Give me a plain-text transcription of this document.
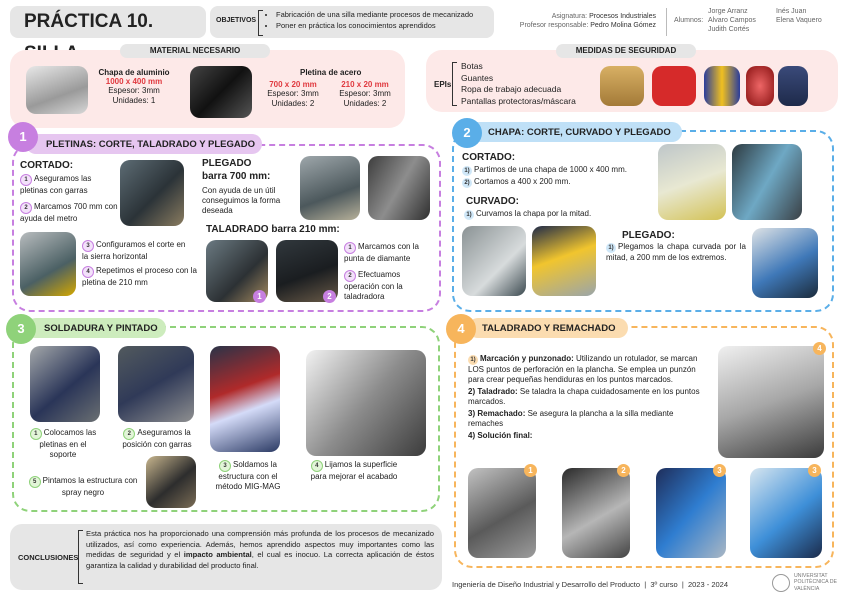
PRÁCTICA 10.	OBJETIVOS
• Fabricación de una silla mediante procesos de mecanizado
• Poner en práctica los conocimientos aprendidos
Asignatura: Procesos Industriales
Profesor responsable: Pedro Molina Gómez
Alumnos:
Jorge Arranz
Alvaro Campos
Judith Cortés
Inés Juan
Elena Vaquero
MATERIAL NECESARIO
Chapa de aluminio
1000 x 400 mm
Espesor: 3mm
Unidades: 1
Pletina de acero
700 x 20 mm
Espesor: 3mm
Unidades: 2
210 x 20 mm
Espesor: 3mm
Unidades: 2
MEDIDAS DE SEGURIDAD
EPIs
Botas
Guantes
Ropa de trabajo adecuada
Pantallas protectoras/máscara
1
PLETINAS: CORTE, TALADRADO Y PLEGADO
CORTADO:
1 Aseguramos las pletinas con garras
2 Marcamos 700 mm con ayuda del metro
3 Configuramos el corte en la sierra horizontal
4 Repetimos el proceso con la pletina de 210 mm
PLEGADO
barra 700 mm:
Con ayuda de un útil conseguimos la forma deseada
TALADRADO barra 210 mm:
1	2
1 Marcamos con la punta de diamante
2 Efectuamos operación con la taladradora
2	CHAPA: CORTE, CURVADO Y PLEGADO
CORTADO:
1) Partimos de una chapa de 1000 x 400 mm.
2) Cortamos a 400 x 200 mm.
CURVADO:
1) Curvamos la chapa por la mitad.
PLEGADO:
1) Plegamos la chapa curvada por la mitad, a 200 mm de los extremos.
3	SOLDADURA Y PINTADO
1 Colocamos las pletinas en el soporte
2 Aseguramos la posición con garras
3 Soldamos la estructura con el método MIG-MAG
4 Lijamos la superficie para mejorar el acabado
5 Pintamos la estructura con spray negro
4	TALADRADO Y REMACHADO
1) Marcación y punzonado: Utilizando un rotulador, se marcan LOS puntos de perforación en la plancha. Se emplea un punzón para crear pequeñas hendiduras en los puntos marcados.
2) Taladrado: Se taladra la chapa cuidadosamente en los puntos marcados.
3) Remachado: Se asegura la plancha a la silla mediante remaches
4) Solución final:
4
1	2	3	3
CONCLUSIONES
Esta práctica nos ha proporcionado una comprensión más profunda de los procesos de mecanizado utilizados, así como experiencia. Además, hemos aprendido aspectos muy importantes como las medidas de seguridad y el impacto ambiental, el cual es inocuo. La correcta aplicación de éstos garantiza la calidad y durabilidad del producto final.
Ingeniería de Diseño Industrial y Desarrollo del Producto  |  3º curso  |  2023 - 2024
UNIVERSITAT POLITÈCNICA DE VALÈNCIA
